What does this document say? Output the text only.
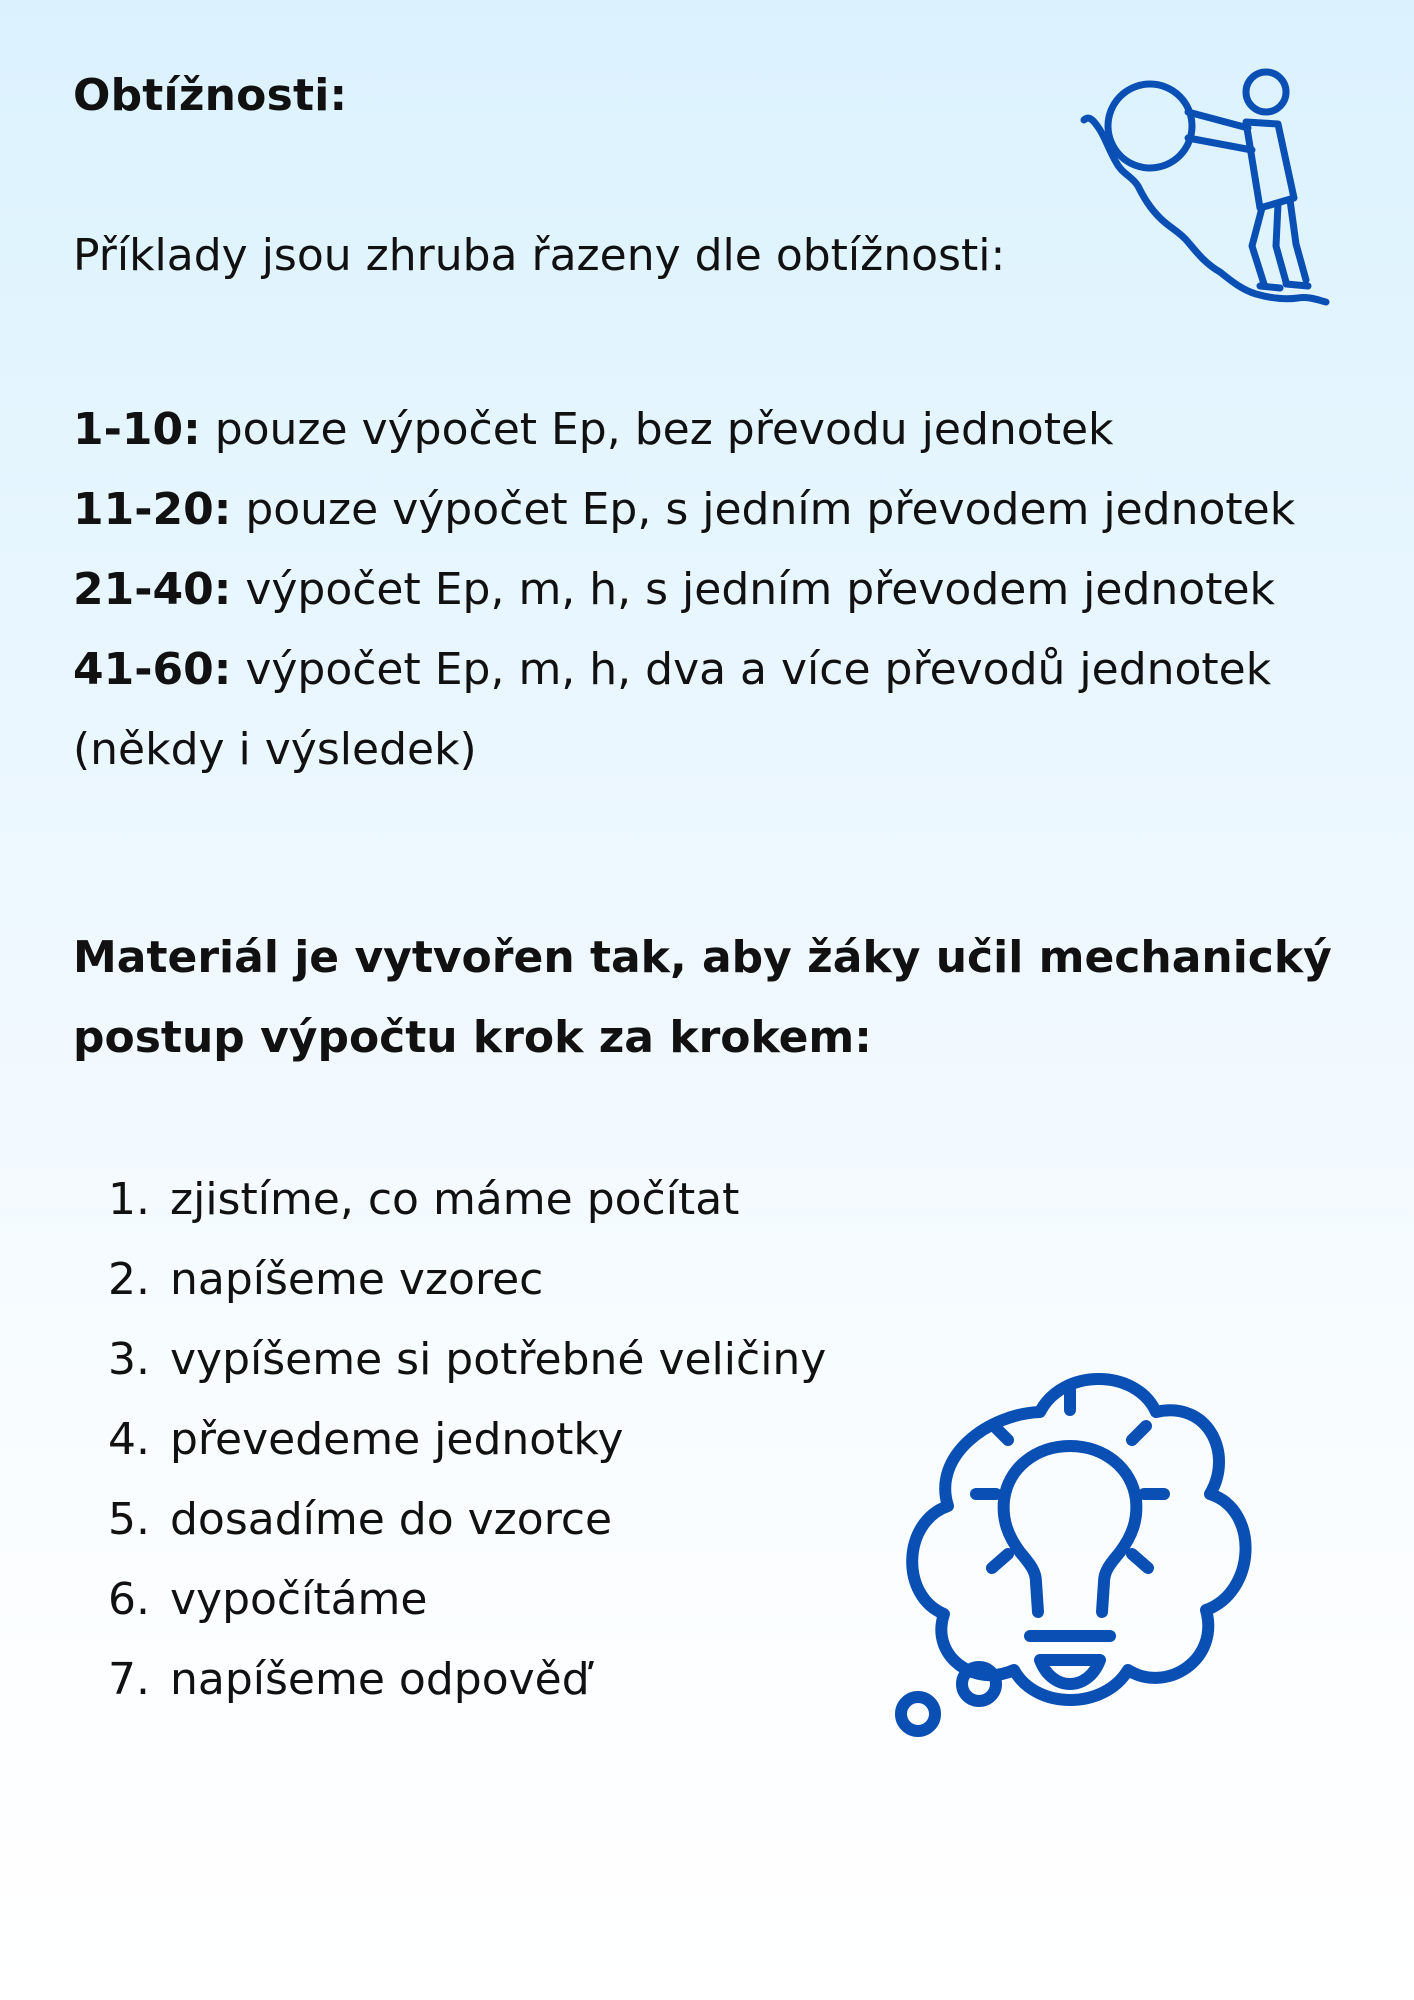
Obtížnosti:

Příklady jsou zhruba řazeny dle obtížnosti:

1-10: pouze výpočet Ep, bez převodu jednotek
11-20: pouze výpočet Ep, s jedním převodem jednotek
21-40: výpočet Ep, m, h, s jedním převodem jednotek
41-60: výpočet Ep, m, h, dva a více převodů jednotek (někdy i výsledek)

Materiál je vytvořen tak, aby žáky učil mechanický postup výpočtu krok za krokem:

1. zjistíme, co máme počítat
2. napíšeme vzorec
3. vypíšeme si potřebné veličiny
4. převedeme jednotky
5. dosadíme do vzorce
6. vypočítáme
7. napíšeme odpověď
